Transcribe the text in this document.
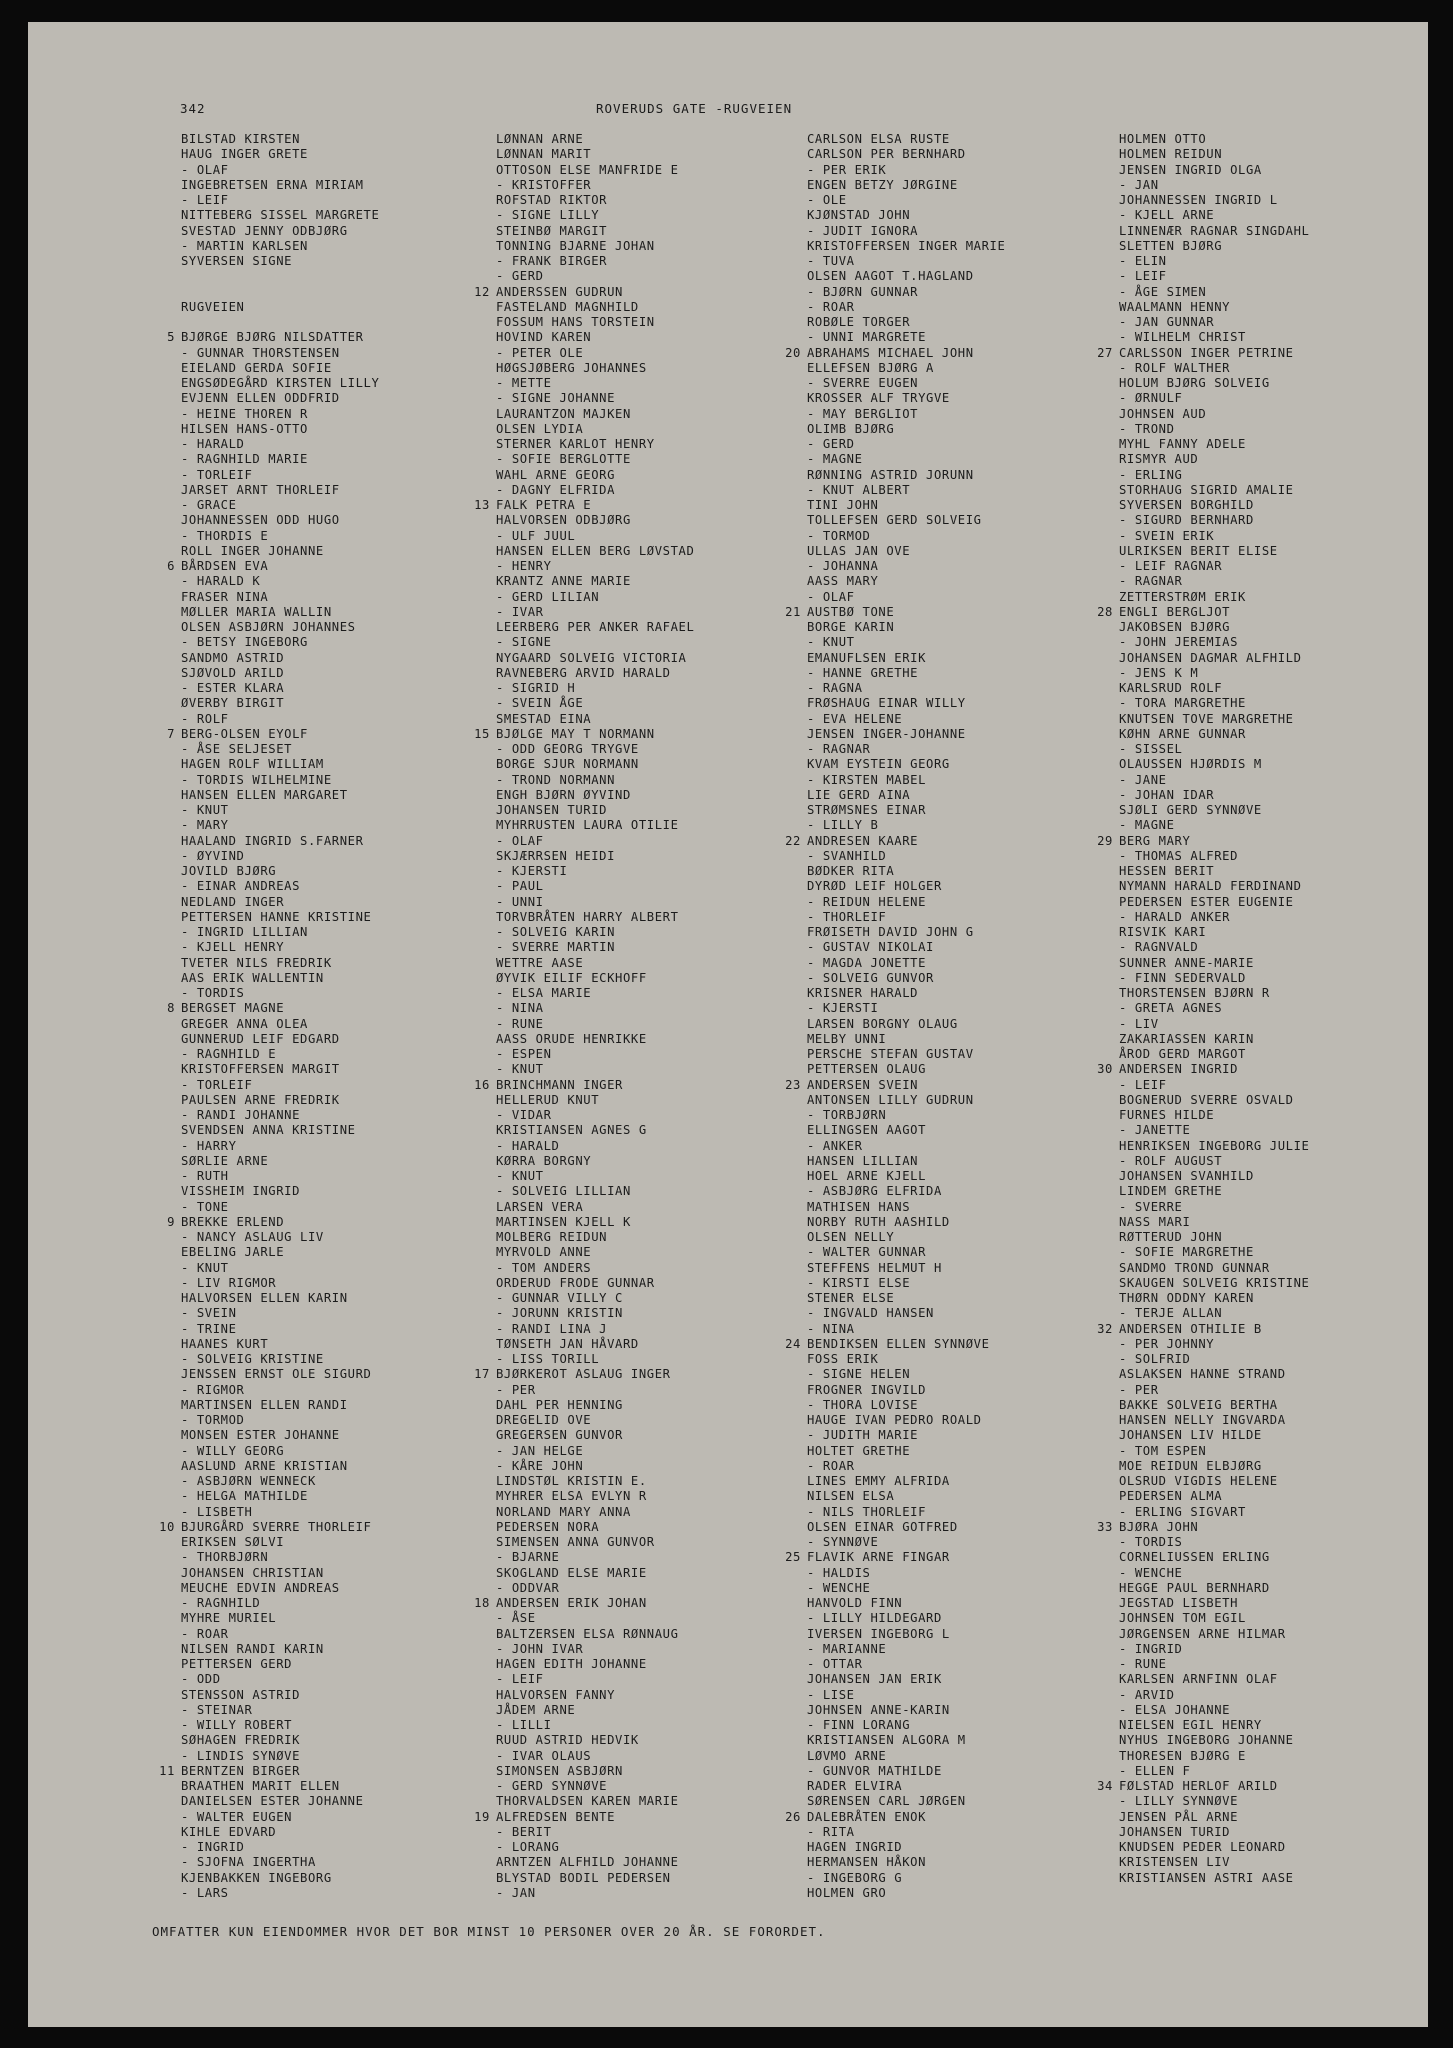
342	ROVERUDS GATE -RUGVEIEN
BILSTAD KIRSTEN
HAUG INGER GRETE
- OLAF
INGEBRETSEN ERNA MIRIAM
- LEIF
NITTEBERG SISSEL MARGRETE
SVESTAD JENNY ODBJØRG
- MARTIN KARLSEN
SYVERSEN SIGNE
RUGVEIEN
5 BJØRGE BJØRG NILSDATTER
- GUNNAR THORSTENSEN
EIELAND GERDA SOFIE
ENGSØDEGÅRD KIRSTEN LILLY
EVJENN ELLEN ODDFRID
- HEINE THOREN R
HILSEN HANS-OTTO
- HARALD
- RAGNHILD MARIE
- TORLEIF
JARSET ARNT THORLEIF
- GRACE
JOHANNESSEN ODD HUGO
- THORDIS E
ROLL INGER JOHANNE
6 BÅRDSEN EVA
- HARALD K
FRASER NINA
MØLLER MARIA WALLIN
OLSEN ASBJØRN JOHANNES
- BETSY INGEBORG
SANDMO ASTRID
SJØVOLD ARILD
- ESTER KLARA
ØVERBY BIRGIT
- ROLF
7 BERG-OLSEN EYOLF
- ÅSE SELJESET
HAGEN ROLF WILLIAM
- TORDIS WILHELMINE
HANSEN ELLEN MARGARET
- KNUT
- MARY
HAALAND INGRID S.FARNER
- ØYVIND
JOVILD BJØRG
- EINAR ANDREAS
NEDLAND INGER
PETTERSEN HANNE KRISTINE
- INGRID LILLIAN
- KJELL HENRY
TVETER NILS FREDRIK
AAS ERIK WALLENTIN
- TORDIS
8 BERGSET MAGNE
GREGER ANNA OLEA
GUNNERUD LEIF EDGARD
- RAGNHILD E
KRISTOFFERSEN MARGIT
- TORLEIF
PAULSEN ARNE FREDRIK
- RANDI JOHANNE
SVENDSEN ANNA KRISTINE
- HARRY
SØRLIE ARNE
- RUTH
VISSHEIM INGRID
- TONE
9 BREKKE ERLEND
- NANCY ASLAUG LIV
EBELING JARLE
- KNUT
- LIV RIGMOR
HALVORSEN ELLEN KARIN
- SVEIN
- TRINE
HAANES KURT
- SOLVEIG KRISTINE
JENSSEN ERNST OLE SIGURD
- RIGMOR
MARTINSEN ELLEN RANDI
- TORMOD
MONSEN ESTER JOHANNE
- WILLY GEORG
AASLUND ARNE KRISTIAN
- ASBJØRN WENNECK
- HELGA MATHILDE
- LISBETH
10 BJURGÅRD SVERRE THORLEIF
ERIKSEN SØLVI
- THORBJØRN
JOHANSEN CHRISTIAN
MEUCHE EDVIN ANDREAS
- RAGNHILD
MYHRE MURIEL
- ROAR
NILSEN RANDI KARIN
PETTERSEN GERD
- ODD
STENSSON ASTRID
- STEINAR
- WILLY ROBERT
SØHAGEN FREDRIK
- LINDIS SYNØVE
11 BERNTZEN BIRGER
BRAATHEN MARIT ELLEN
DANIELSEN ESTER JOHANNE
- WALTER EUGEN
KIHLE EDVARD
- INGRID
- SJOFNA INGERTHA
KJENBAKKEN INGEBORG
- LARS
LØNNAN ARNE
LØNNAN MARIT
OTTOSON ELSE MANFRIDE E
- KRISTOFFER
ROFSTAD RIKTOR
- SIGNE LILLY
STEINBØ MARGIT
TONNING BJARNE JOHAN
- FRANK BIRGER
- GERD
12 ANDERSSEN GUDRUN
FASTELAND MAGNHILD
FOSSUM HANS TORSTEIN
HOVIND KAREN
- PETER OLE
HØGSJØBERG JOHANNES
- METTE
- SIGNE JOHANNE
LAURANTZON MAJKEN
OLSEN LYDIA
STERNER KARLOT HENRY
- SOFIE BERGLOTTE
WAHL ARNE GEORG
- DAGNY ELFRIDA
13 FALK PETRA E
HALVORSEN ODBJØRG
- ULF JUUL
HANSEN ELLEN BERG LØVSTAD
- HENRY
KRANTZ ANNE MARIE
- GERD LILIAN
- IVAR
LEERBERG PER ANKER RAFAEL
- SIGNE
NYGAARD SOLVEIG VICTORIA
RAVNEBERG ARVID HARALD
- SIGRID H
- SVEIN ÅGE
SMESTAD EINA
15 BJØLGE MAY T NORMANN
- ODD GEORG TRYGVE
BORGE SJUR NORMANN
- TROND NORMANN
ENGH BJØRN ØYVIND
JOHANSEN TURID
MYHRRUSTEN LAURA OTILIE
- OLAF
SKJÆRRSEN HEIDI
- KJERSTI
- PAUL
- UNNI
TORVBRÅTEN HARRY ALBERT
- SOLVEIG KARIN
- SVERRE MARTIN
WETTRE AASE
ØYVIK EILIF ECKHOFF
- ELSA MARIE
- NINA
- RUNE
AASS ORUDE HENRIKKE
- ESPEN
- KNUT
16 BRINCHMANN INGER
HELLERUD KNUT
- VIDAR
KRISTIANSEN AGNES G
- HARALD
KØRRA BORGNY
- KNUT
- SOLVEIG LILLIAN
LARSEN VERA
MARTINSEN KJELL K
MOLBERG REIDUN
MYRVOLD ANNE
- TOM ANDERS
ORDERUD FRODE GUNNAR
- GUNNAR VILLY C
- JORUNN KRISTIN
- RANDI LINA J
TØNSETH JAN HÅVARD
- LISS TORILL
17 BJØRKEROT ASLAUG INGER
- PER
DAHL PER HENNING
DREGELID OVE
GREGERSEN GUNVOR
- JAN HELGE
- KÅRE JOHN
LINDSTØL KRISTIN E.
MYHRER ELSA EVLYN R
NORLAND MARY ANNA
PEDERSEN NORA
SIMENSEN ANNA GUNVOR
- BJARNE
SKOGLAND ELSE MARIE
- ODDVAR
18 ANDERSEN ERIK JOHAN
- ÅSE
BALTZERSEN ELSA RØNNAUG
- JOHN IVAR
HAGEN EDITH JOHANNE
- LEIF
HALVORSEN FANNY
JÅDEM ARNE
- LILLI
RUUD ASTRID HEDVIK
- IVAR OLAUS
SIMONSEN ASBJØRN
- GERD SYNNØVE
THORVALDSEN KAREN MARIE
19 ALFREDSEN BENTE
- BERIT
- LORANG
ARNTZEN ALFHILD JOHANNE
BLYSTAD BODIL PEDERSEN
- JAN
CARLSON ELSA RUSTE
CARLSON PER BERNHARD
- PER ERIK
ENGEN BETZY JØRGINE
- OLE
KJØNSTAD JOHN
- JUDIT IGNORA
KRISTOFFERSEN INGER MARIE
- TUVA
OLSEN AAGOT T.HAGLAND
- BJØRN GUNNAR
- ROAR
ROBØLE TORGER
- UNNI MARGRETE
20 ABRAHAMS MICHAEL JOHN
ELLEFSEN BJØRG A
- SVERRE EUGEN
KROSSER ALF TRYGVE
- MAY BERGLIOT
OLIMB BJØRG
- GERD
- MAGNE
RØNNING ASTRID JORUNN
- KNUT ALBERT
TINI JOHN
TOLLEFSEN GERD SOLVEIG
- TORMOD
ULLAS JAN OVE
- JOHANNA
AASS MARY
- OLAF
21 AUSTBØ TONE
BORGE KARIN
- KNUT
EMANUFLSEN ERIK
- HANNE GRETHE
- RAGNA
FRØSHAUG EINAR WILLY
- EVA HELENE
JENSEN INGER-JOHANNE
- RAGNAR
KVAM EYSTEIN GEORG
- KIRSTEN MABEL
LIE GERD AINA
STRØMSNES EINAR
- LILLY B
22 ANDRESEN KAARE
- SVANHILD
BØDKER RITA
DYRØD LEIF HOLGER
- REIDUN HELENE
- THORLEIF
FRØISETH DAVID JOHN G
- GUSTAV NIKOLAI
- MAGDA JONETTE
- SOLVEIG GUNVOR
KRISNER HARALD
- KJERSTI
LARSEN BORGNY OLAUG
MELBY UNNI
PERSCHE STEFAN GUSTAV
PETTERSEN OLAUG
23 ANDERSEN SVEIN
ANTONSEN LILLY GUDRUN
- TORBJØRN
ELLINGSEN AAGOT
- ANKER
HANSEN LILLIAN
HOEL ARNE KJELL
- ASBJØRG ELFRIDA
MATHISEN HANS
NORBY RUTH AASHILD
OLSEN NELLY
- WALTER GUNNAR
STEFFENS HELMUT H
- KIRSTI ELSE
STENER ELSE
- INGVALD HANSEN
- NINA
24 BENDIKSEN ELLEN SYNNØVE
FOSS ERIK
- SIGNE HELEN
FROGNER INGVILD
- THORA LOVISE
HAUGE IVAN PEDRO ROALD
- JUDITH MARIE
HOLTET GRETHE
- ROAR
LINES EMMY ALFRIDA
NILSEN ELSA
- NILS THORLEIF
OLSEN EINAR GOTFRED
- SYNNØVE
25 FLAVIK ARNE FINGAR
- HALDIS
- WENCHE
HANVOLD FINN
- LILLY HILDEGARD
IVERSEN INGEBORG L
- MARIANNE
- OTTAR
JOHANSEN JAN ERIK
- LISE
JOHNSEN ANNE-KARIN
- FINN LORANG
KRISTIANSEN ALGORA M
LØVMO ARNE
- GUNVOR MATHILDE
RADER ELVIRA
SØRENSEN CARL JØRGEN
26 DALEBRÅTEN ENOK
- RITA
HAGEN INGRID
HERMANSEN HÅKON
- INGEBORG G
HOLMEN GRO
HOLMEN OTTO
HOLMEN REIDUN
JENSEN INGRID OLGA
- JAN
JOHANNESSEN INGRID L
- KJELL ARNE
LINNENÆR RAGNAR SINGDAHL
SLETTEN BJØRG
- ELIN
- LEIF
- ÅGE SIMEN
WAALMANN HENNY
- JAN GUNNAR
- WILHELM CHRIST
27 CARLSSON INGER PETRINE
- ROLF WALTHER
HOLUM BJØRG SOLVEIG
- ØRNULF
JOHNSEN AUD
- TROND
MYHL FANNY ADELE
RISMYR AUD
- ERLING
STORHAUG SIGRID AMALIE
SYVERSEN BORGHILD
- SIGURD BERNHARD
- SVEIN ERIK
ULRIKSEN BERIT ELISE
- LEIF RAGNAR
- RAGNAR
ZETTERSTRØM ERIK
28 ENGLI BERGLJOT
JAKOBSEN BJØRG
- JOHN JEREMIAS
JOHANSEN DAGMAR ALFHILD
- JENS K M
KARLSRUD ROLF
- TORA MARGRETHE
KNUTSEN TOVE MARGRETHE
KØHN ARNE GUNNAR
- SISSEL
OLAUSSEN HJØRDIS M
- JANE
- JOHAN IDAR
SJØLI GERD SYNNØVE
- MAGNE
29 BERG MARY
- THOMAS ALFRED
HESSEN BERIT
NYMANN HARALD FERDINAND
PEDERSEN ESTER EUGENIE
- HARALD ANKER
RISVIK KARI
- RAGNVALD
SUNNER ANNE-MARIE
- FINN SEDERVALD
THORSTENSEN BJØRN R
- GRETA AGNES
- LIV
ZAKARIASSEN KARIN
ÅROD GERD MARGOT
30 ANDERSEN INGRID
- LEIF
BOGNERUD SVERRE OSVALD
FURNES HILDE
- JANETTE
HENRIKSEN INGEBORG JULIE
- ROLF AUGUST
JOHANSEN SVANHILD
LINDEM GRETHE
- SVERRE
NASS MARI
RØTTERUD JOHN
- SOFIE MARGRETHE
SANDMO TROND GUNNAR
SKAUGEN SOLVEIG KRISTINE
THØRN ODDNY KAREN
- TERJE ALLAN
32 ANDERSEN OTHILIE B
- PER JOHNNY
- SOLFRID
ASLAKSEN HANNE STRAND
- PER
BAKKE SOLVEIG BERTHA
HANSEN NELLY INGVARDA
JOHANSEN LIV HILDE
- TOM ESPEN
MOE REIDUN ELBJØRG
OLSRUD VIGDIS HELENE
PEDERSEN ALMA
- ERLING SIGVART
33 BJØRA JOHN
- TORDIS
CORNELIUSSEN ERLING
- WENCHE
HEGGE PAUL BERNHARD
JEGSTAD LISBETH
JOHNSEN TOM EGIL
JØRGENSEN ARNE HILMAR
- INGRID
- RUNE
KARLSEN ARNFINN OLAF
- ARVID
- ELSA JOHANNE
NIELSEN EGIL HENRY
NYHUS INGEBORG JOHANNE
THORESEN BJØRG E
- ELLEN F
34 FØLSTAD HERLOF ARILD
- LILLY SYNNØVE
JENSEN PÅL ARNE
JOHANSEN TURID
KNUDSEN PEDER LEONARD
KRISTENSEN LIV
KRISTIANSEN ASTRI AASE
OMFATTER KUN EIENDOMMER HVOR DET BOR MINST 10 PERSONER OVER 20 ÅR. SE FORORDET.
